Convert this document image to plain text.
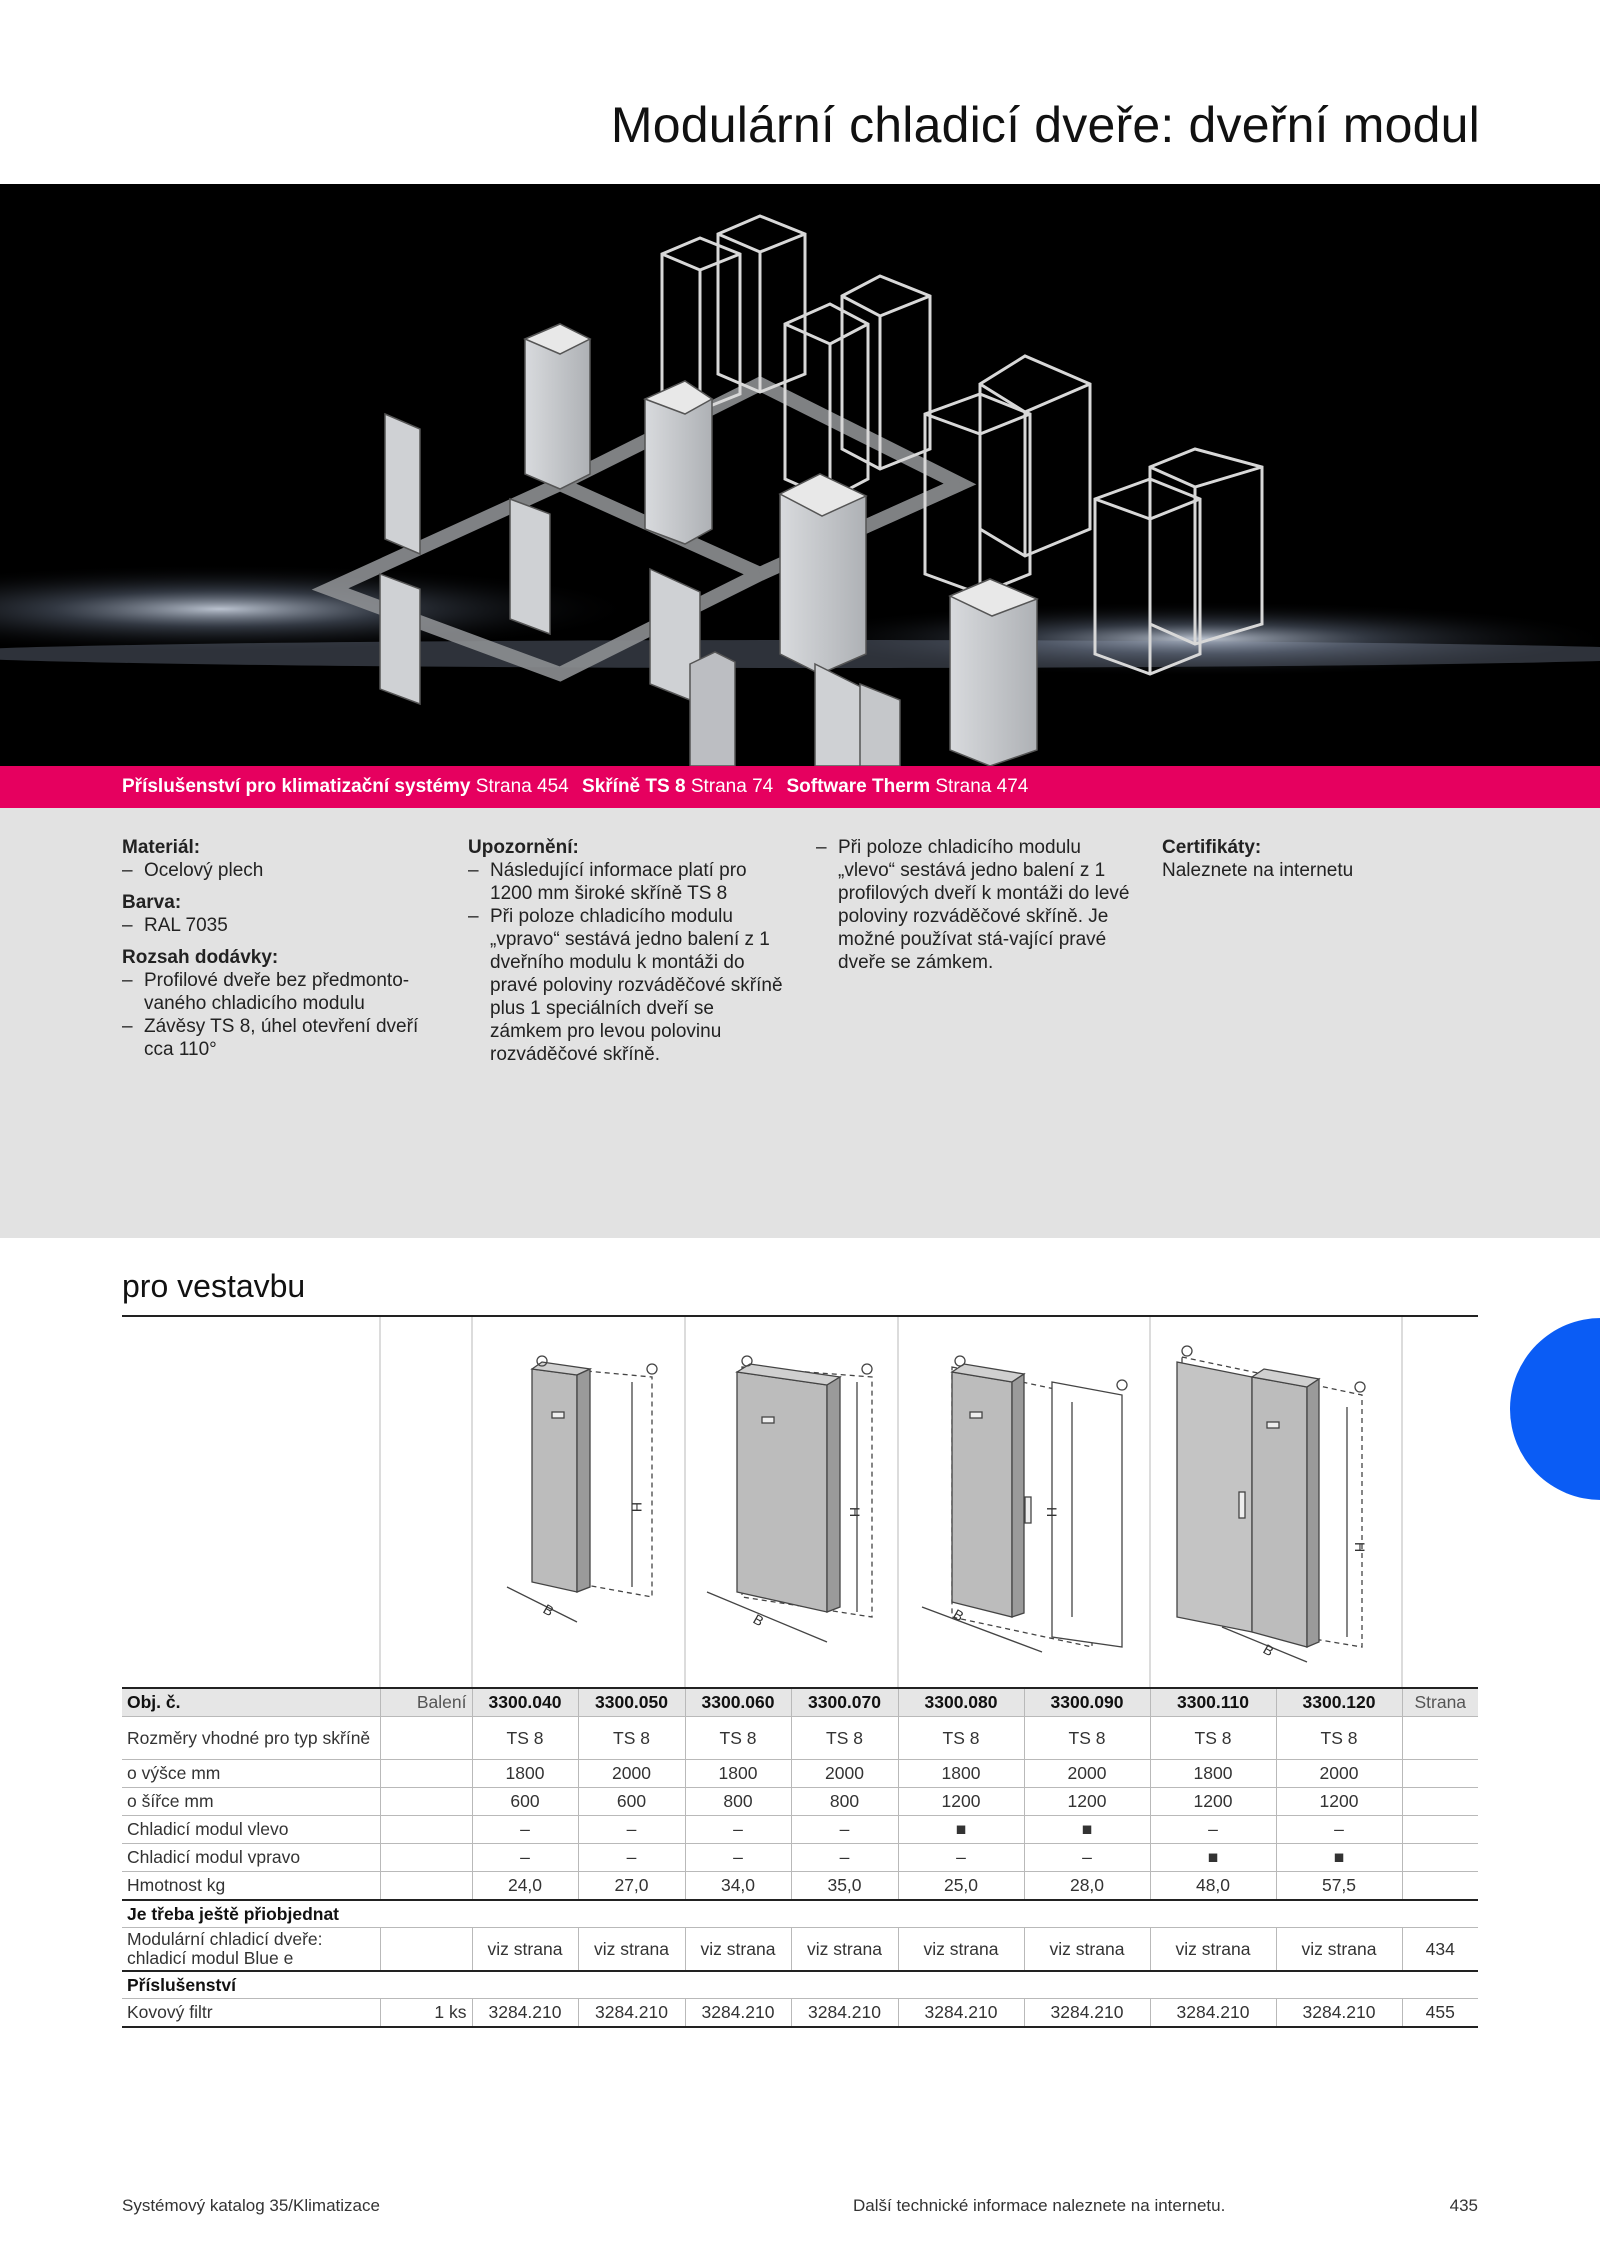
Modulární chladicí dveře: dveřní modul
Příslušenství pro klimatizační systémy Strana 454 Skříně TS 8 Strana 74 Software Therm Strana 474
Materiál:
– Ocelový plech
Barva:
– RAL 7035
Rozsah dodávky:
– Profilové dveře bez předmonto-vaného chladicího modulu
– Závěsy TS 8, úhel otevření dveří cca 110°
Upozornění:
– Následující informace platí pro 1200 mm široké skříně TS 8
– Při poloze chladicího modulu „vpravo“ sestává jedno balení z 1 dveřního modulu k montáži do pravé poloviny rozváděčové skříně plus 1 speciálních dveří se zámkem pro levou polovinu rozváděčové skříně.
– Při poloze chladicího modulu „vlevo“ sestává jedno balení z 1 profilových dveří k montáži do levé poloviny rozváděčové skříně. Je možné používat stá-vající pravé dveře se zámkem.
Certifikáty:
Naleznete na internetu
pro vestavbu
H
B
H
B
H
B
H
B
Obj. č.	Balení	3300.040	3300.050	3300.060	3300.070	3300.080	3300.090	3300.110	3300.120	Strana
Rozměry vhodné pro typ skříně		TS 8	TS 8	TS 8	TS 8	TS 8	TS 8	TS 8	TS 8	
o výšce mm		1800	2000	1800	2000	1800	2000	1800	2000	
o šířce mm		600	600	800	800	1200	1200	1200	1200	
Chladicí modul vlevo		–	–	–	–	■	■	–	–	
Chladicí modul vpravo		–	–	–	–	–	–	■	■	
Hmotnost kg		24,0	27,0	34,0	35,0	25,0	28,0	48,0	57,5	
Je třeba ještě přiobjednat										
Modulární chladicí dveře: chladicí modul Blue e		viz strana	viz strana	viz strana	viz strana	viz strana	viz strana	viz strana	viz strana	434
Příslušenství										
Kovový filtr	1 ks	3284.210	3284.210	3284.210	3284.210	3284.210	3284.210	3284.210	3284.210	455
Systémový katalog 35/Klimatizace	Další technické informace naleznete na internetu.	435
